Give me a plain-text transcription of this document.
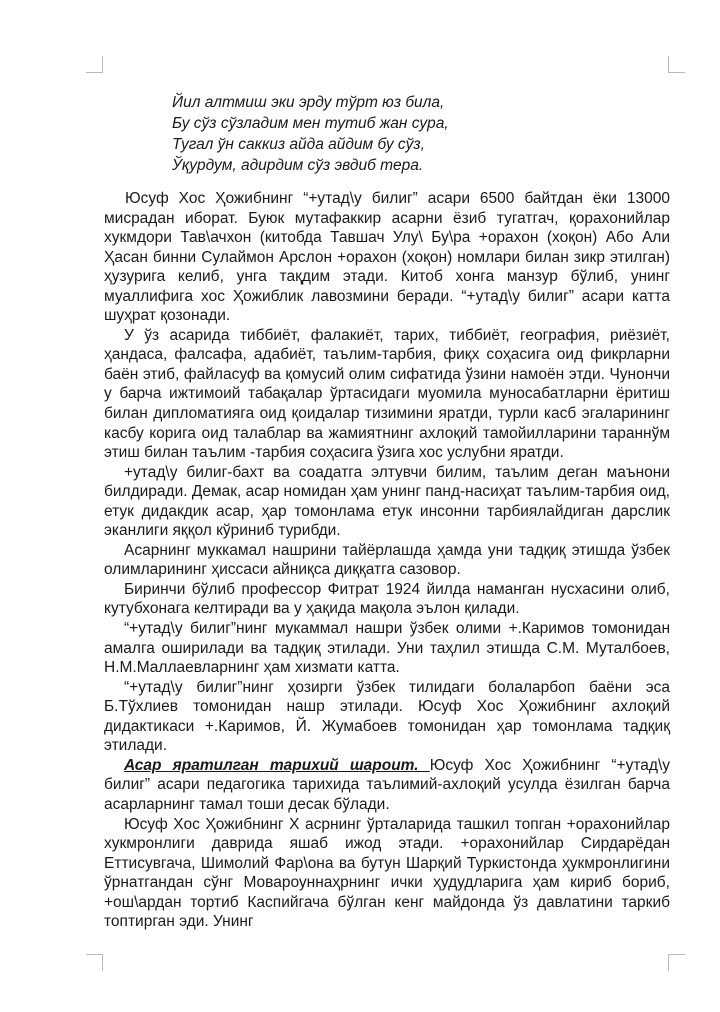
Йил алтмиш эки эрду тўрт юз била,
Бу сўз сўзладим мен тутиб жан сура,
Тугал ўн саккиз айда айдим бу сўз,
Ўқурдум, адирдим сўз эвдиб тера.

Юсуф Хос Ҳожибнинг “+утад\у билиг” асари 6500 байтдан ёки 13000 мисрадан иборат. Буюк мутафаккир асарни ёзиб тугатгач, қорахонийлар хукмдори Тав\ачхон (китобда Тавшач Улу\ Бу\ра +орахон (хоқон) Або Али Ҳасан бинни Сулаймон Арслон +орахон (хоқон) номлари билан зикр этилган) ҳузурига келиб, унга тақдим этади. Китоб хонга манзур бўлиб, унинг муаллифига хос Ҳожиблик лавозмини беради. “+утад\у билиг” асари катта шуҳрат қозонади.

У ўз асарида тиббиёт, фалакиёт, тарих, тиббиёт, география, риёзиёт, ҳандаса, фалсафа, адабиёт, таълим-тарбия, фиқх соҳасига оид фикрларни баён этиб, файласуф ва қомусий олим сифатида ўзини намоён этди. Чунончи у барча ижтимоий табақалар ўртасидаги муомила муносабатларни ёритиш билан дипломатияга оид қоидалар тизимини яратди, турли касб эгаларининг касбу корига оид талаблар ва жамиятнинг ахлоқий тамойилларини тараннўм этиш билан таълим -тарбия соҳасига ўзига хос услубни яратди.

+утад\у билиг-бахт ва соадатга элтувчи билим, таълим деган маънони билдиради. Демак, асар номидан ҳам унинг панд-насиҳат таълим-тарбия оид, етук дидакдик асар, ҳар томонлама етук инсонни тарбиялайдиган дарслик эканлиги яққол кўриниб турибди.

Асарнинг муккамал нашрини тайёрлашда ҳамда уни тадқиқ этишда ўзбек олимларининг ҳиссаси айниқса диққатга сазовор.

Биринчи бўлиб профессор Фитрат 1924 йилда наманган нусхасини олиб, кутубхонага келтиради ва у ҳақида мақола эълон қилади.

“+утад\у билиг”нинг мукаммал нашри ўзбек олими +.Каримов томонидан амалга оширилади ва тадқиқ этилади. Уни таҳлил этишда С.М. Муталбоев, Н.М.Маллаевларнинг ҳам хизмати катта.

“+утад\у билиг”нинг ҳозирги ўзбек тилидаги болаларбоп баёни эса Б.Тўхлиев томонидан нашр этилади. Юсуф Хос Ҳожибнинг ахлоқий дидактикаси +.Каримов, Й. Жумабоев томонидан ҳар томонлама тадқиқ этилади.

Асар яратилган тарихий шароит. Юсуф Хос Ҳожибнинг “+утад\у билиг” асари педагогика тарихида таълимий-ахлоқий усулда ёзилган барча асарларнинг тамал тоши десак бўлади.

Юсуф Хос Ҳожибнинг X асрнинг ўрталарида ташкил топган +орахонийлар хукмронлиги даврида яшаб ижод этади. +орахонийлар Сирдарёдан Еттисувгача, Шимолий Фар\она ва бутун Шарқий Туркистонда ҳукмронлигини ўрнатгандан сўнг Мовароуннаҳрнинг ички ҳудудларига ҳам кириб бориб, +ош\ардан тортиб Каспийгача бўлган кенг майдонда ўз давлатини таркиб топтирган эди. Унинг
